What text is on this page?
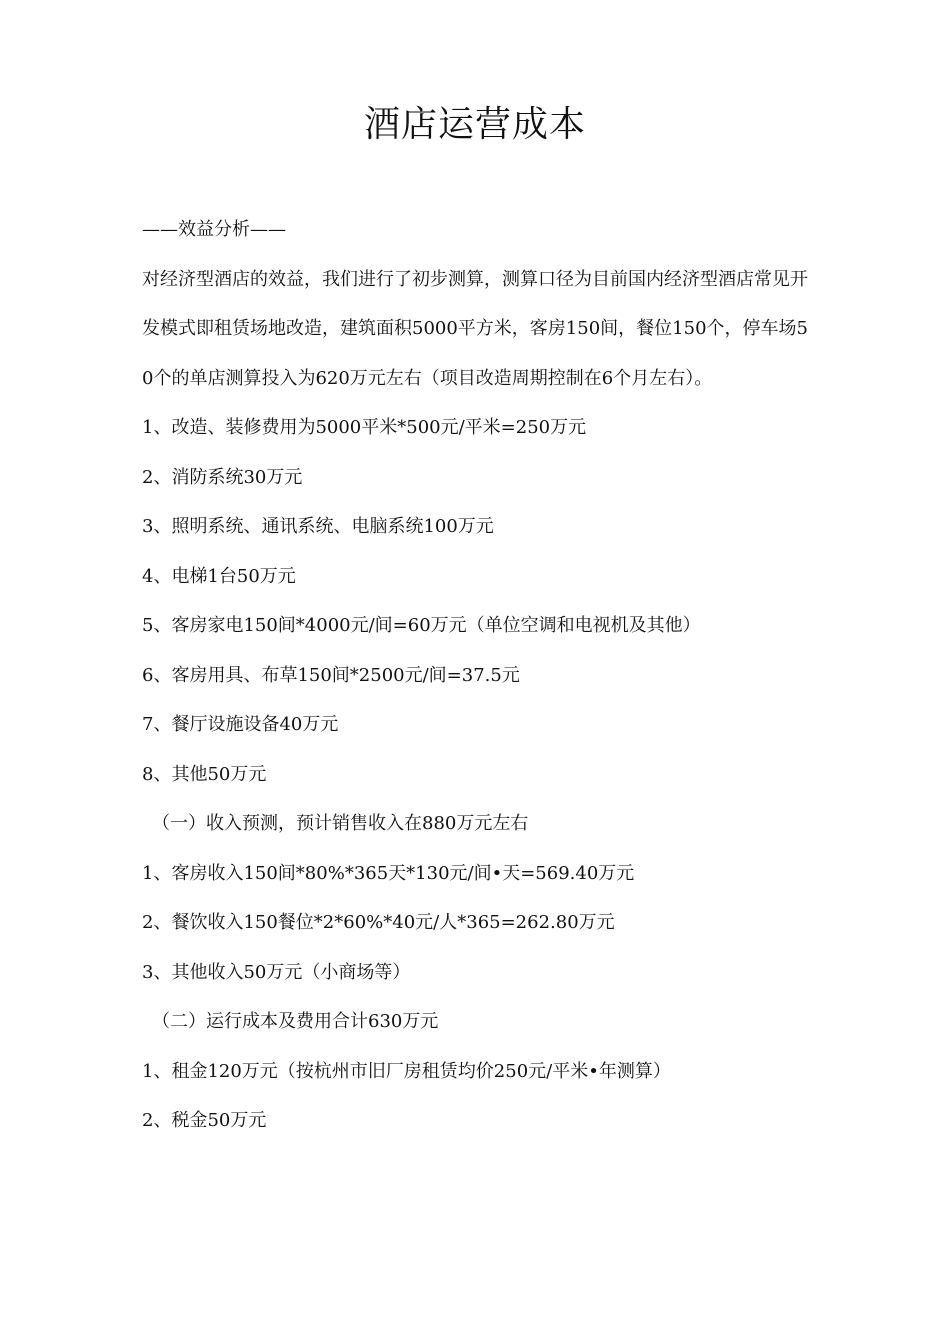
酒店运营成本

——效益分析——

对经济型酒店的效益，我们进行了初步测算，测算口径为目前国内经济型酒店常见开发模式即租赁场地改造，建筑面积5000平方米，客房150间，餐位150个，停车场50个的单店测算投入为620万元左右（项目改造周期控制在6个月左右）。

1、改造、装修费用为5000平米*500元/平米=250万元

2、消防系统30万元

3、照明系统、通讯系统、电脑系统100万元

4、电梯1台50万元

5、客房家电150间*4000元/间=60万元（单位空调和电视机及其他）

6、客房用具、布草150间*2500元/间=37.5元

7、餐厅设施设备40万元

8、其他50万元

（一）收入预测，预计销售收入在880万元左右

1、客房收入150间*80%*365天*130元/间•天=569.40万元

2、餐饮收入150餐位*2*60%*40元/人*365=262.80万元

3、其他收入50万元（小商场等）

（二）运行成本及费用合计630万元

1、租金120万元（按杭州市旧厂房租赁均价250元/平米•年测算）

2、税金50万元
